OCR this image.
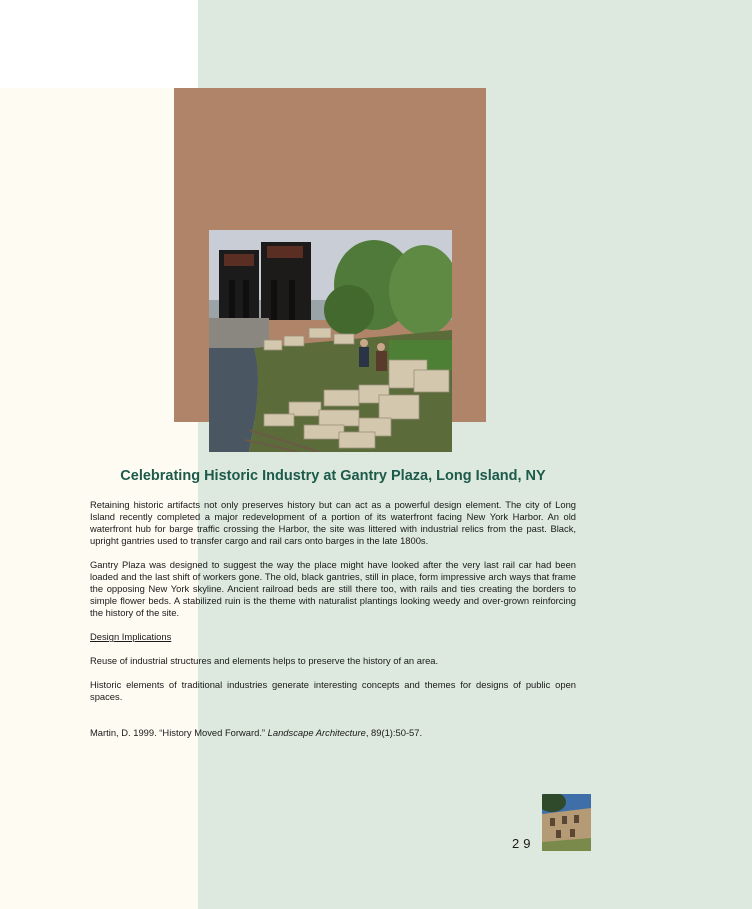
Celebrating Historic Industry at Gantry Plaza, Long Island, NY

Retaining historic artifacts not only preserves history but can act as a powerful design element. The city of Long Island recently completed a major redevelopment of a portion of its waterfront facing New York Harbor. An old waterfront hub for barge traffic crossing the Harbor, the site was littered with industrial relics from the past. Black, upright gantries used to transfer cargo and rail cars onto barges in the late 1800s.

Gantry Plaza was designed to suggest the way the place might have looked after the very last rail car had been loaded and the last shift of workers gone. The old, black gantries, still in place, form impressive arch ways that frame the opposing New York skyline. Ancient railroad beds are still there too, with rails and ties creating the borders to simple flower beds. A stabilized ruin is the theme with naturalist plantings looking weedy and over-grown reinforcing the history of the site.

Design Implications

Reuse of industrial structures and elements helps to preserve the history of an area.

Historic elements of traditional industries generate interesting concepts and themes for designs of public open spaces.

Martin, D. 1999. “History Moved Forward.” Landscape Architecture, 89(1):50-57.

29
